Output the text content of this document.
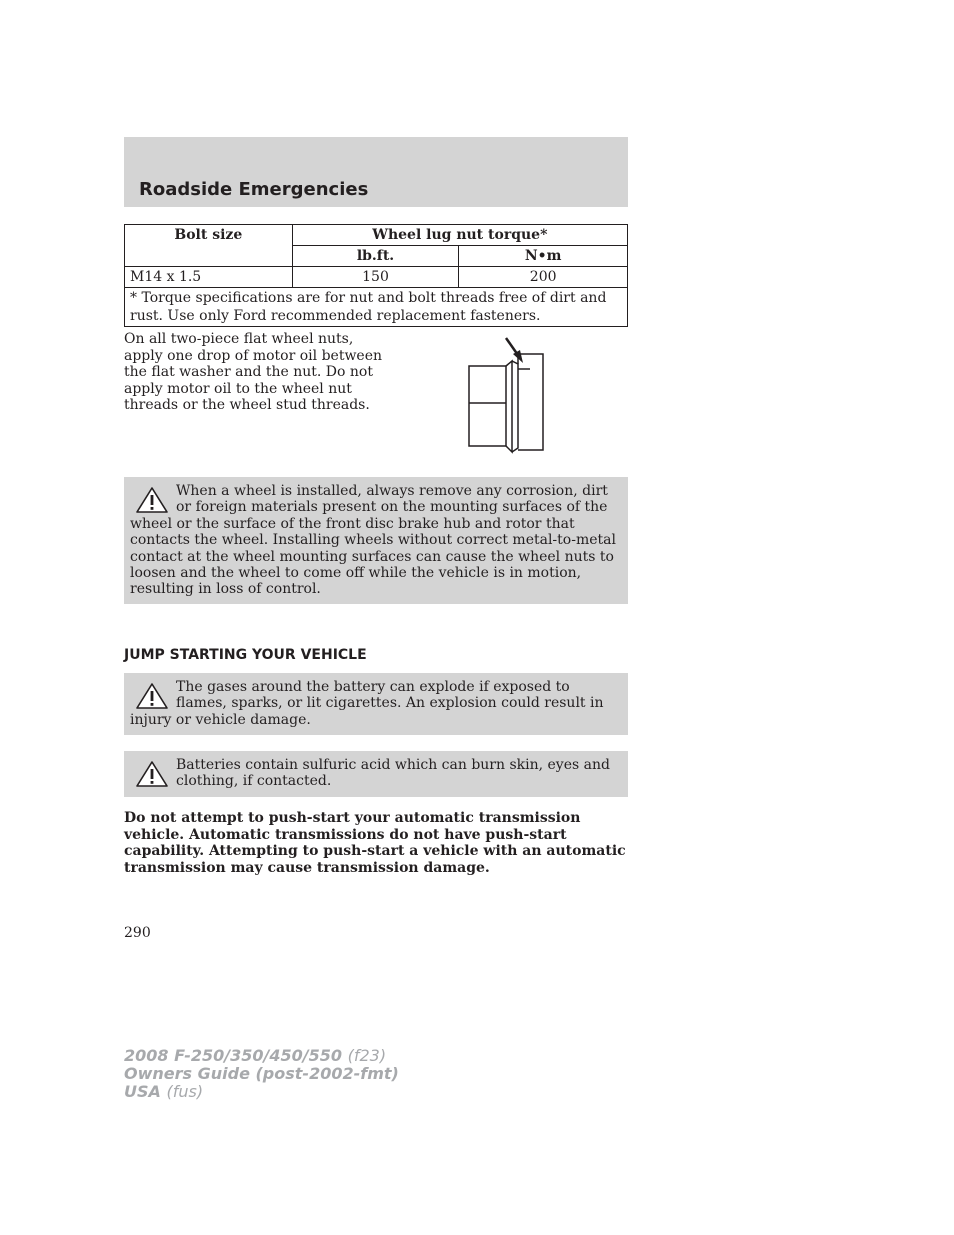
Roadside Emergencies
Bolt size	Wheel lug nut torque*	
	lb.ft.	N•m
M14 x 1.5	150	200
* Torque specifications are for nut and bolt threads free of dirt and rust. Use only Ford recommended replacement fasteners.		
On all two-piece flat wheel nuts, apply one drop of motor oil between the flat washer and the nut. Do not apply motor oil to the wheel nut threads or the wheel stud threads.
When a wheel is installed, always remove any corrosion, dirt or foreign materials present on the mounting surfaces of the wheel or the surface of the front disc brake hub and rotor that contacts the wheel. Installing wheels without correct metal-to-metal contact at the wheel mounting surfaces can cause the wheel nuts to loosen and the wheel to come off while the vehicle is in motion, resulting in loss of control.
JUMP STARTING YOUR VEHICLE
The gases around the battery can explode if exposed to flames, sparks, or lit cigarettes. An explosion could result in injury or vehicle damage.
Batteries contain sulfuric acid which can burn skin, eyes and clothing, if contacted.
Do not attempt to push-start your automatic transmission vehicle. Automatic transmissions do not have push-start capability. Attempting to push-start a vehicle with an automatic transmission may cause transmission damage.
290
2008 F-250/350/450/550 (f23)
Owners Guide (post-2002-fmt)
USA (fus)
